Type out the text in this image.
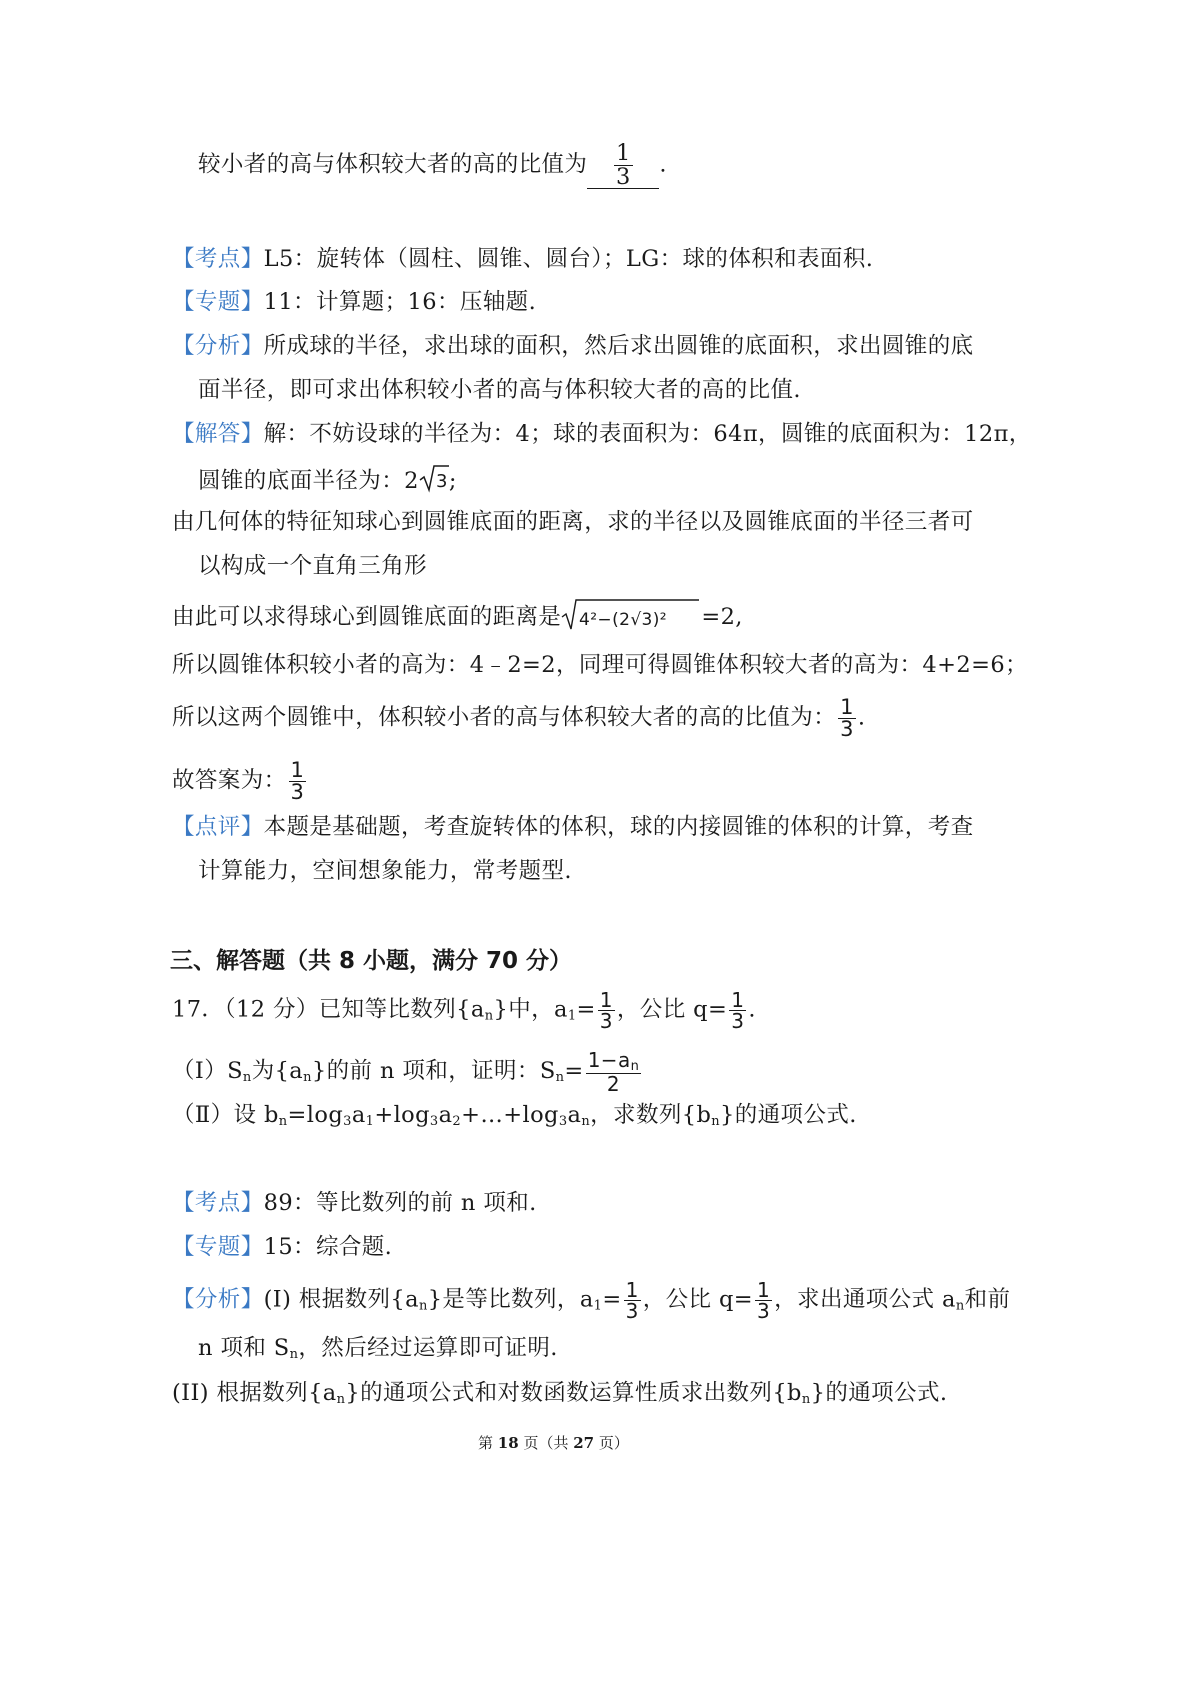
较小者的高与体积较大者的高的比值为 $\frac{1}{3}$ .
【考点】L5：旋转体（圆柱、圆锥、圆台）；LG：球的体积和表面积.
【专题】11：计算题；16：压轴题.
【分析】所成球的半径，求出球的面积，然后求出圆锥的底面积，求出圆锥的底
面半径，即可求出体积较小者的高与体积较大者的高的比值.
【解答】解：不妨设球的半径为：4；球的表面积为：64π，圆锥的底面积为：12π，
圆锥的底面半径为：2 3 ;
由几何体的特征知球心到圆锥底面的距离，求的半径以及圆锥底面的半径三者可
以构成一个直角三角形
由此可以求得球心到圆锥底面的距离是 4²−(2√3)² =2,
所以圆锥体积较小者的高为：4﹣2=2，同理可得圆锥体积较大者的高为：4+2=6；
所以这两个圆锥中，体积较小者的高与体积较大者的高的比值为： $\frac{1}{3}$ .
故答案为： $\frac{1}{3}$
【点评】本题是基础题，考查旋转体的体积，球的内接圆锥的体积的计算，考查
计算能力，空间想象能力，常考题型.
三、解答题（共 8 小题，满分 70 分）
17．（12 分）已知等比数列$\{a_n\}$中，$a_1= \frac{1}{3}$ ，公比 $q= \frac{1}{3}$ .
$(Ⅰ)S_n$为$\{a_n\}$的前 n 项和，证明：$S_n= \frac{1-a_n}{2}$
（Ⅱ）设 $b_n=\log_3a_1+\log_3a_2+\dots+\log_3a_n$，求数列$\{b_n\}$的通项公式.
【考点】89：等比数列的前 n 项和.
【专题】15：综合题.
【分析】(I) 根据数列$\{a_n\}$是等比数列，$a_1= \frac{1}{3}$ ，公比 $q= \frac{1}{3}$ ，求出通项公式 $a_n$和前
n 项和 $S_n$，然后经过运算即可证明.
(II) 根据数列$\{a_n\}$的通项公式和对数函数运算性质求出数列$\{b_n\}$的通项公式.
第 18 页（共 27 页）
